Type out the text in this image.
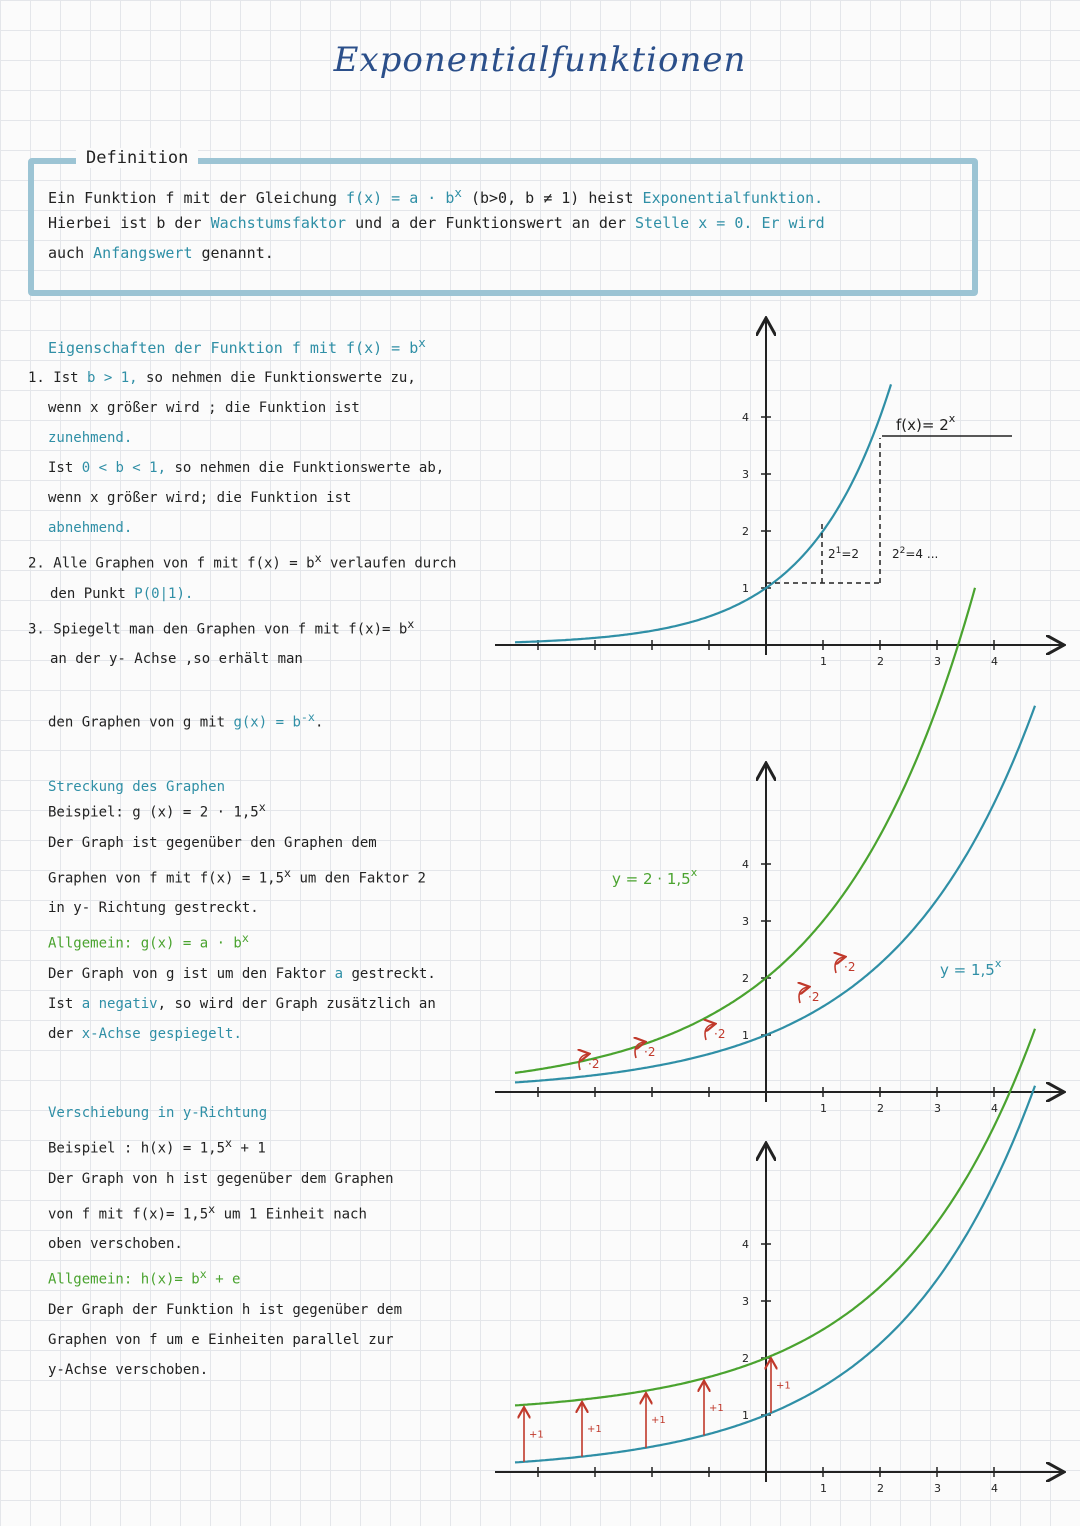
Exponentialfunktionen
Definition
Ein Funktion f mit der Gleichung $f(x) = a \cdot b^x$ (b>0, b ≠ 1) heist Exponentialfunktion.
Hierbei ist b der Wachstumsfaktor und a der Funktionswert an der Stelle x = 0. Er wird
auch Anfangswert genannt.
Eigenschaften der Funktion f mit $f(x) = b^x$
1. Ist b > 1, so nehmen die Funktionswerte zu,
wenn x größer wird ; die Funktion ist
zunehmend.
Ist 0 < b < 1, so nehmen die Funktionswerte ab,
wenn x größer wird; die Funktion ist
abnehmend.
2. Alle Graphen von f mit $f(x) = b^x$ verlaufen durch
den Punkt P(0|1).
3. Spiegelt man den Graphen von f mit $f(x)= b^x$
an der y- Achse ,so erhält man
den Graphen von g mit $g(x) = b^{-x}$.
Streckung des Graphen
Beispiel: g $(x) = 2 \cdot 1,5^x$
Der Graph ist gegenüber den Graphen dem
Graphen von f mit $f(x) = 1,5^x$ um den Faktor 2
in y- Richtung gestreckt.
Allgemein: $g(x) = a \cdot b^x$
Der Graph von g ist um den Faktor a gestreckt.
Ist a negativ, so wird der Graph zusätzlich an
der x-Achse gespiegelt.
Verschiebung in y-Richtung
Beispiel : $h(x) = 1,5^x + 1$
Der Graph von h ist gegenüber dem Graphen
von f mit $f(x)= 1,5^x$ um 1 Einheit nach
oben verschoben.
Allgemein: $h(x)= b^x + e$
Der Graph der Funktion h ist gegenüber dem
Graphen von f um e Einheiten parallel zur
y-Achse verschoben.
1	2	3	4
1
2
3
4	$f(x)= 2^x$
$2^1=2$	$2^2=4$ ...
1	2	3	4
1
2
3
4
$y = 2 \cdot 1,5^x$
$y = 1,5^x$
·2
·2
·2
·2
·2
1	2	3	4
1
2
3
4
+1	+1
+1
+1
+1
